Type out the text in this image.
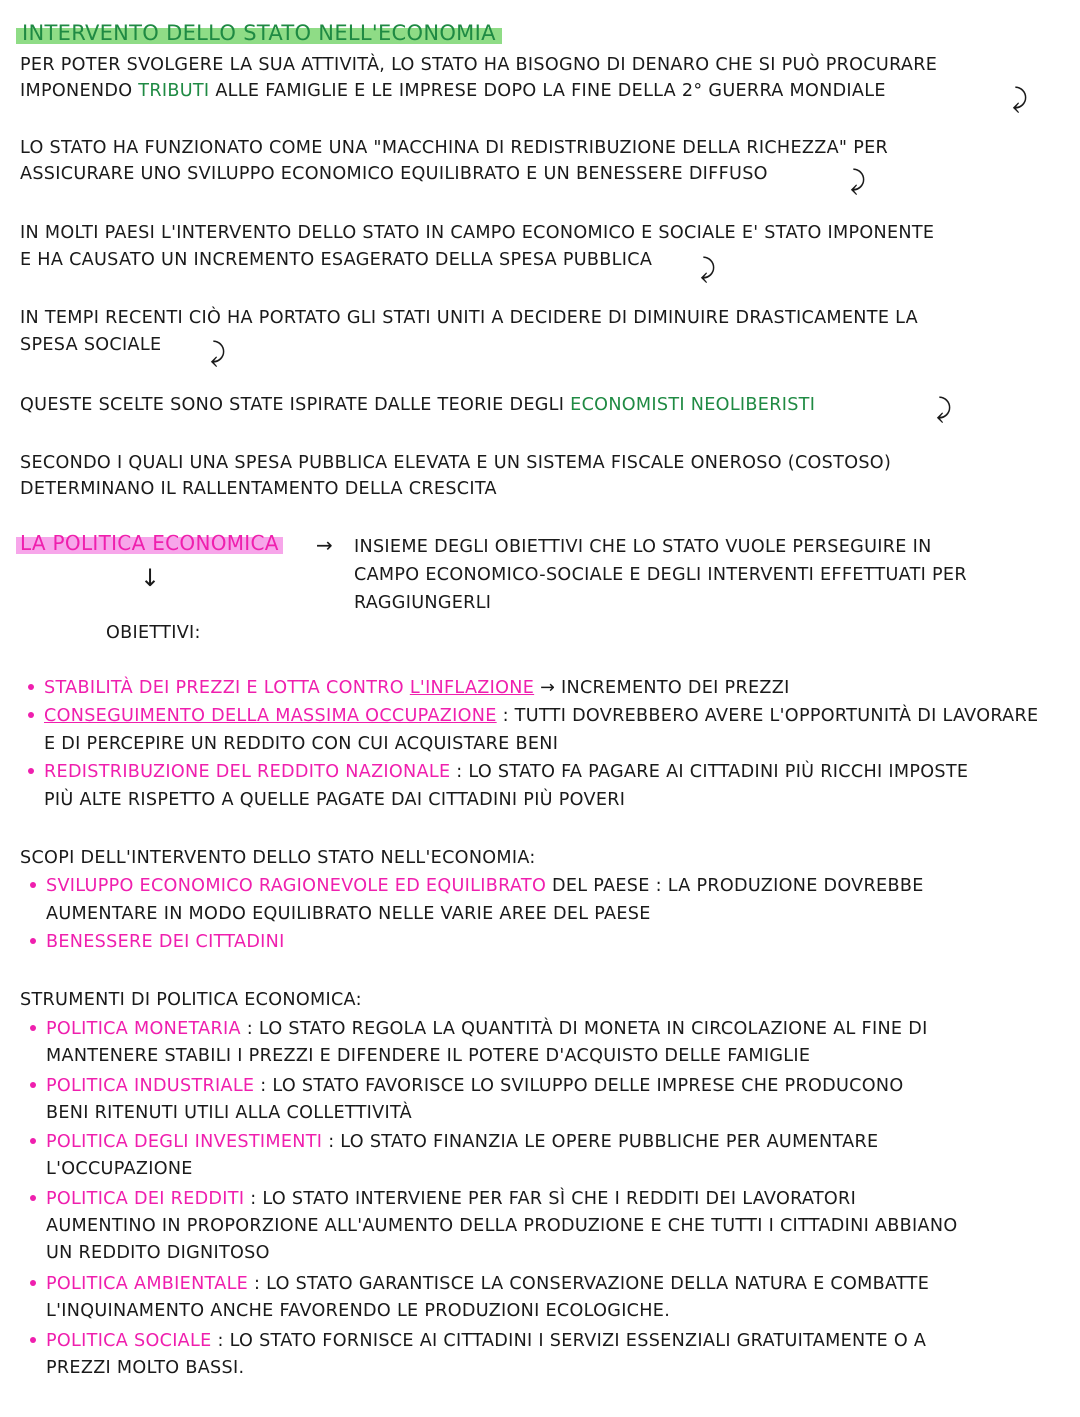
INTERVENTO DELLO STATO NELL'ECONOMIA
PER POTER SVOLGERE LA SUA ATTIVITÀ, LO STATO HA BISOGNO DI DENARO CHE SI PUÒ PROCURARE
IMPONENDO TRIBUTI ALLE FAMIGLIE E LE IMPRESE DOPO LA FINE DELLA 2° GUERRA MONDIALE	⤸
LO STATO HA FUNZIONATO COME UNA "MACCHINA DI REDISTRIBUZIONE DELLA RICHEZZA" PER
ASSICURARE UNO SVILUPPO ECONOMICO EQUILIBRATO E UN BENESSERE DIFFUSO	⤸
IN MOLTI PAESI L'INTERVENTO DELLO STATO IN CAMPO ECONOMICO E SOCIALE E' STATO IMPONENTE
E HA CAUSATO UN INCREMENTO ESAGERATO DELLA SPESA PUBBLICA ⤸
IN TEMPI RECENTI CIÒ HA PORTATO GLI STATI UNITI A DECIDERE DI DIMINUIRE DRASTICAMENTE LA
SPESA SOCIALE ⤸
QUESTE SCELTE SONO STATE ISPIRATE DALLE TEORIE DEGLI ECONOMISTI NEOLIBERISTI	⤸
SECONDO I QUALI UNA SPESA PUBBLICA ELEVATA E UN SISTEMA FISCALE ONEROSO (COSTOSO)
DETERMINANO IL RALLENTAMENTO DELLA CRESCITA
LA POLITICA ECONOMICA → INSIEME DEGLI OBIETTIVI CHE LO STATO VUOLE PERSEGUIRE IN
CAMPO ECONOMICO-SOCIALE E DEGLI INTERVENTI EFFETTUATI PER
RAGGIUNGERLI
↓
OBIETTIVI:
STABILITÀ DEI PREZZI E LOTTA CONTRO L'INFLAZIONE → INCREMENTO DEI PREZZI
CONSEGUIMENTO DELLA MASSIMA OCCUPAZIONE : TUTTI DOVREBBERO AVERE L'OPPORTUNITÀ DI LAVORARE
E DI PERCEPIRE UN REDDITO CON CUI ACQUISTARE BENI
REDISTRIBUZIONE DEL REDDITO NAZIONALE : LO STATO FA PAGARE AI CITTADINI PIÙ RICCHI IMPOSTE
PIÙ ALTE RISPETTO A QUELLE PAGATE DAI CITTADINI PIÙ POVERI
SCOPI DELL'INTERVENTO DELLO STATO NELL'ECONOMIA:
SVILUPPO ECONOMICO RAGIONEVOLE ED EQUILIBRATO DEL PAESE : LA PRODUZIONE DOVREBBE
AUMENTARE IN MODO EQUILIBRATO NELLE VARIE AREE DEL PAESE
BENESSERE DEI CITTADINI
STRUMENTI DI POLITICA ECONOMICA:
POLITICA MONETARIA : LO STATO REGOLA LA QUANTITÀ DI MONETA IN CIRCOLAZIONE AL FINE DI
MANTENERE STABILI I PREZZI E DIFENDERE IL POTERE D'ACQUISTO DELLE FAMIGLIE
POLITICA INDUSTRIALE : LO STATO FAVORISCE LO SVILUPPO DELLE IMPRESE CHE PRODUCONO
BENI RITENUTI UTILI ALLA COLLETTIVITÀ
POLITICA DEGLI INVESTIMENTI : LO STATO FINANZIA LE OPERE PUBBLICHE PER AUMENTARE
L'OCCUPAZIONE
POLITICA DEI REDDITI : LO STATO INTERVIENE PER FAR SÌ CHE I REDDITI DEI LAVORATORI
AUMENTINO IN PROPORZIONE ALL'AUMENTO DELLA PRODUZIONE E CHE TUTTI I CITTADINI ABBIANO
UN REDDITO DIGNITOSO
POLITICA AMBIENTALE : LO STATO GARANTISCE LA CONSERVAZIONE DELLA NATURA E COMBATTE
L'INQUINAMENTO ANCHE FAVORENDO LE PRODUZIONI ECOLOGICHE.
POLITICA SOCIALE : LO STATO FORNISCE AI CITTADINI I SERVIZI ESSENZIALI GRATUITAMENTE O A
PREZZI MOLTO BASSI.
